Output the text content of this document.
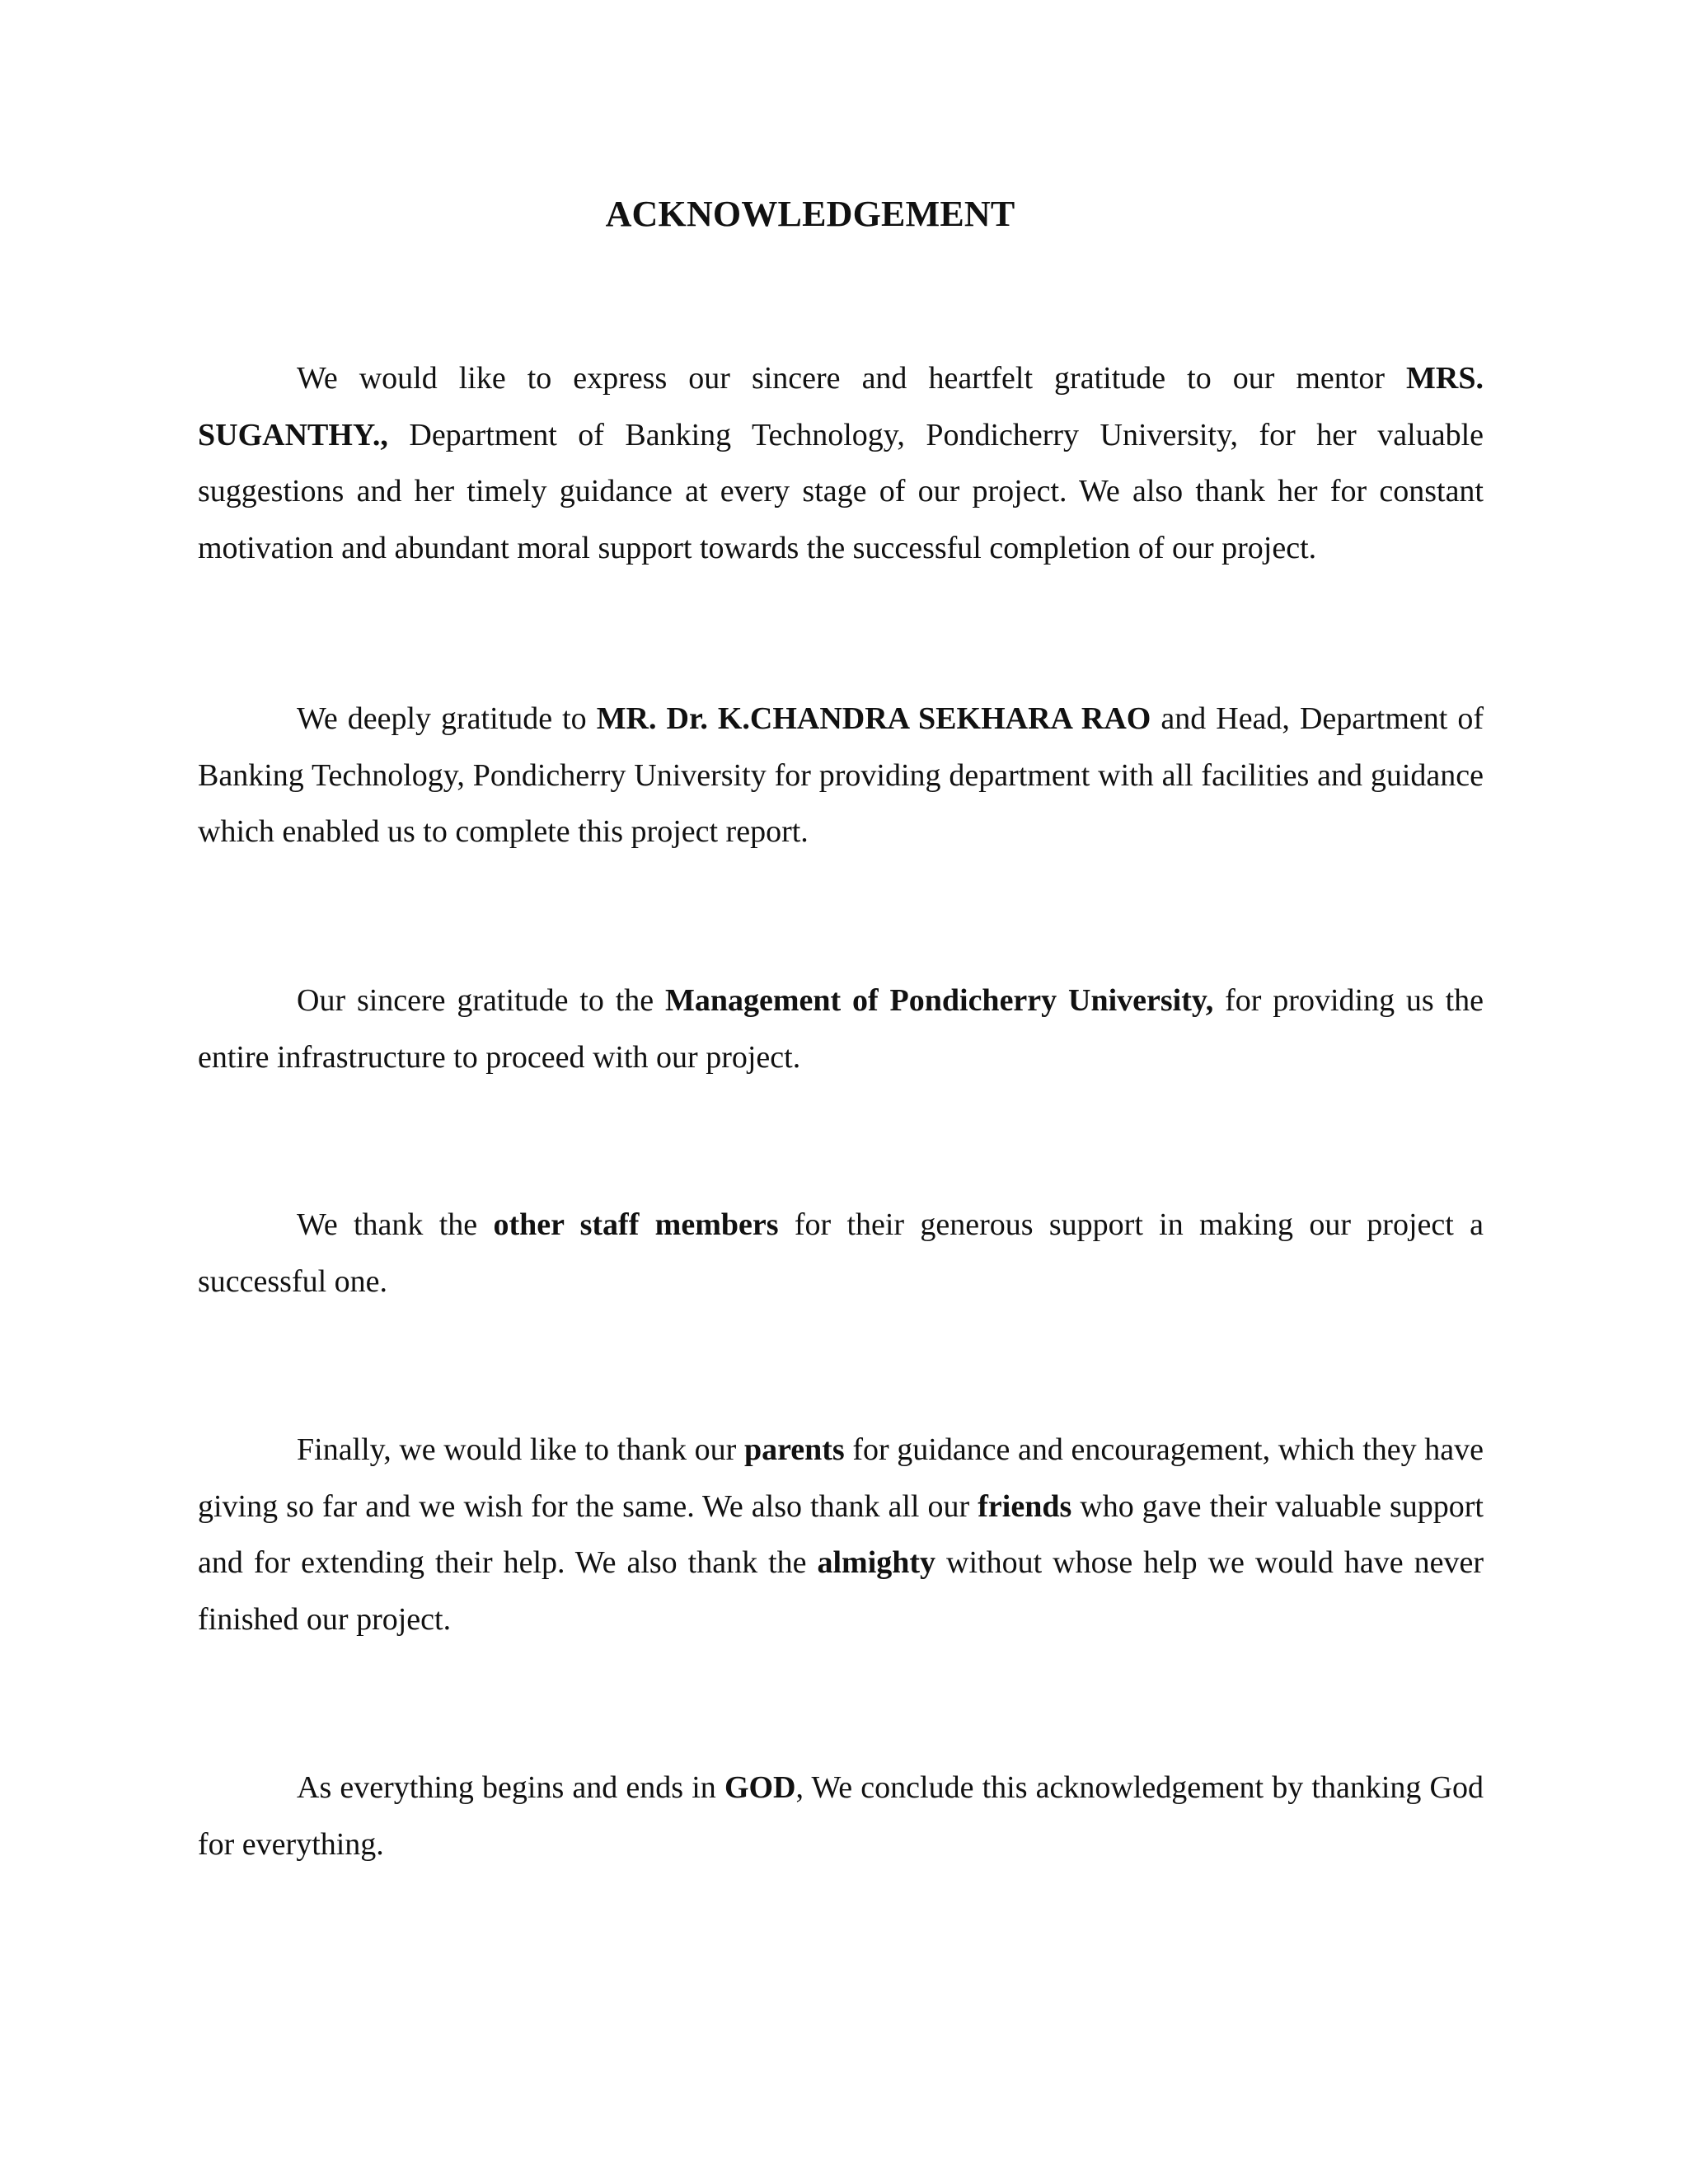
ACKNOWLEDGEMENT

We would like to express our sincere and heartfelt gratitude to our mentor MRS. SUGANTHY., Department of Banking Technology, Pondicherry University, for her valuable suggestions and her timely guidance at every stage of our project. We also thank her for constant motivation and abundant moral support towards the successful completion of our project.

We deeply gratitude to MR. Dr. K.CHANDRA SEKHARA RAO and Head, Department of Banking Technology, Pondicherry University for providing department with all facilities and guidance which enabled us to complete this project report.

Our sincere gratitude to the Management of Pondicherry University, for providing us the entire infrastructure to proceed with our project.

We thank the other staff members for their generous support in making our project a successful one.

Finally, we would like to thank our parents for guidance and encouragement, which they have giving so far and we wish for the same. We also thank all our friends who gave their valuable support and for extending their help. We also thank the almighty without whose help we would have never finished our project.

As everything begins and ends in GOD, We conclude this acknowledgement by thanking God for everything.
